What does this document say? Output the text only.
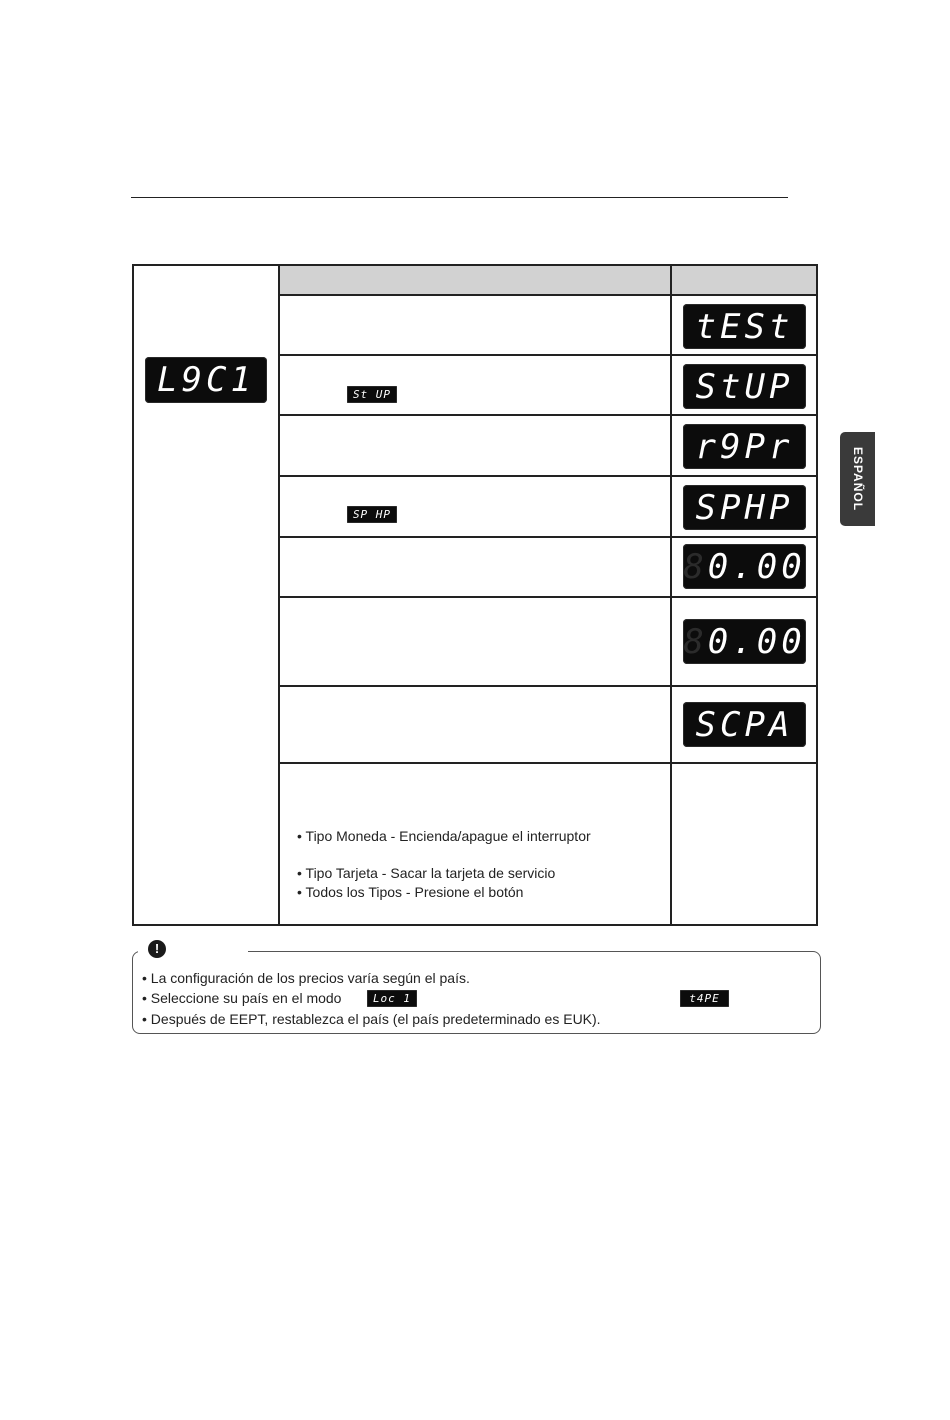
ESPAÑOL
L9C1
tESt
StUP
r9Pr
SPHP
8 0.00
8 0.00
SCPA
St UP
SP HP
• Tipo Moneda - Encienda/apague el interruptor
• Tipo Tarjeta - Sacar la tarjeta de servicio
• Todos los Tipos - Presione el botón
!
• La configuración de los precios varía según el país.
• Seleccione su país en el modo	Loc 1	t4PE
• Después de EEPT, restablezca el país (el país predeterminado es EUK).
